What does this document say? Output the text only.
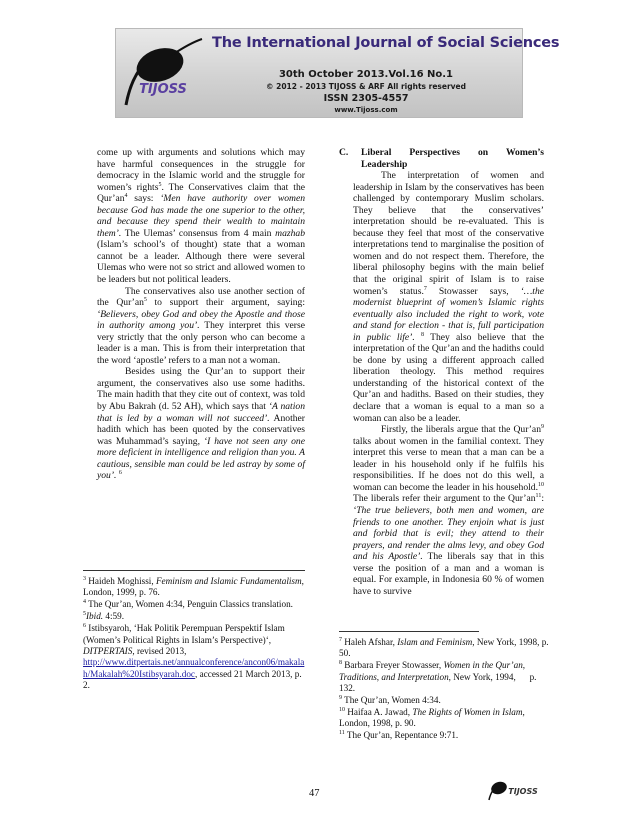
TIJOSS
The International Journal of Social Sciences
30th October 2013.Vol.16 No.1
© 2012 - 2013 TIJOSS & ARF All rights reserved
ISSN 2305-4557
www.Tijoss.com

come up with arguments and solutions which may have harmful consequences in the struggle for democracy in the Islamic world and the struggle for women’s rights$^5$. The Conservatives claim that the $Qur’an^4$ says: ‘Men have authority over women because God has made the one superior to the other, and because they spend their wealth to maintain them’. The Ulemas’ consensus from 4 main mazhab (Islam’s school’s of thought) state that a woman cannot be a leader. Although there were several Ulemas who were not so strict and allowed women to be leaders but not political leaders.

The conservatives also use another section of the $Qur’an^5$ to support their argument, saying: ‘Believers, obey God and obey the Apostle and those in authority among you’. They interpret this verse very strictly that the only person who can become a leader is a man. This is from their interpretation that the word ‘apostle’ refers to a man not a woman.

Besides using the Qur’an to support their argument, the conservatives also use some hadiths. The main hadith that they cite out of context, was told by Abu Bakrah (d. 52 AH), which says that ‘A nation that is led by a woman will not succeed’. Another hadith which has been quoted by the conservatives was Muhammad’s saying, ‘I have not seen any one more deficient in intelligence and religion than you. A cautious, sensible man could be led astray by some of you’. $^6$

C. Liberal Perspectives on Women’s Leadership

The interpretation of women and leadership in Islam by the conservatives has been challenged by contemporary Muslim scholars. They believe that the conservatives’ interpretation should be re-evaluated. This is because they feel that most of the conservative interpretations tend to marginalise the position of women and do not respect them. Therefore, the liberal philosophy begins with the main belief that the original spirit of Islam is to raise women’s status.$^7$ Stowasser says, ‘…the modernist blueprint of women’s Islamic rights eventually also included the right to work, vote and stand for election - that is, full participation in public life’. $^8$ They also believe that the interpretation of the Qur’an and the hadiths could be done by using a different approach called liberation theology. This method requires understanding of the historical context of the Qur’an and hadiths. Based on their studies, they declare that a woman is equal to a man so a woman can also be a leader.

Firstly, the liberals argue that the $Qur’an^9$ talks about women in the familial context. They interpret this verse to mean that a man can be a leader in his household only if he fulfils his responsibilities. If he does not do this well, a woman can become the leader in his household.$^{10}$ The liberals refer their argument to the $Qur’an^{11}$: ‘The true believers, both men and women, are friends to one another. They enjoin what is just and forbid that is evil; they attend to their prayers, and render the alms levy, and obey God and his Apostle’. The liberals say that in this verse the position of a man and a woman is equal. For example, in Indonesia 60 % of women have to survive

$^3$ Haideh Moghissi, Feminism and Islamic Fundamentalism, London, 1999, p. 76.

$^4$ The Qur’an, Women 4:34, Penguin Classics translation.

$^5$Ibid. 4:59.

$^6$ Istibsyaroh, ‘Hak Politik Perempuan Perspektif Islam (Women’s Political Rights in Islam’s Perspective)‘, DITPERTAIS, revised 2013,
http://www.ditpertais.net/annualconference/ancon06/makalah/Makalah%20Istibsyarah.doc, accessed 21 March 2013, p. 2.

$^7$ Haleh Afshar, Islam and Feminism, New York, 1998, p. 50.

$^8$ Barbara Freyer Stowasser, Women in the Qur’an, Traditions, and Interpretation, New York, 1994,      p. 132.

$^9$ The Qur’an, Women 4:34.

$^{10}$ Haifaa A. Jawad, The Rights of Women in Islam, London, 1998, p. 90.

$^{11}$ The Qur’an, Repentance 9:71.

47	TIJOSS
